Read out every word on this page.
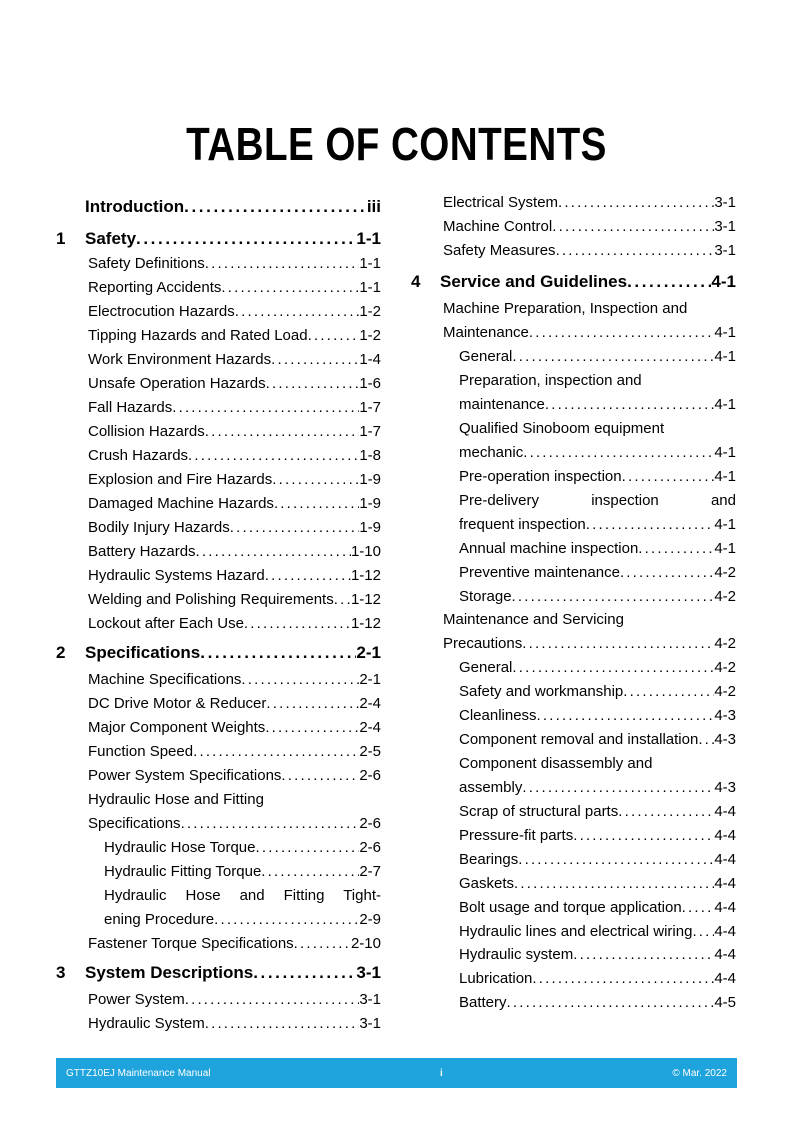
TABLE OF CONTENTS
Introduction .....	iii
1	Safety .....	1-1
Safety Definitions .....	1-1
Reporting Accidents .....	1-1
Electrocution Hazards .....	1-2
Tipping Hazards and Rated Load .....	1-2
Work Environment Hazards .....	1-4
Unsafe Operation Hazards .....	1-6
Fall Hazards .....	1-7
Collision Hazards .....	1-7
Crush Hazards .....	1-8
Explosion and Fire Hazards .....	1-9
Damaged Machine Hazards .....	1-9
Bodily Injury Hazards .....	1-9
Battery Hazards .....	1-10
Hydraulic Systems Hazard .....	1-12
Welding and Polishing Requirements ..... 1-12
Lockout after Each Use .....	1-12
2	Specifications .....	2-1
Machine Specifications .....	2-1
DC Drive Motor & Reducer .....	2-4
Major Component Weights .....	2-4
Function Speed .....	2-5
Power System Specifications .....	2-6
Hydraulic Hose and Fitting
Specifications .....	2-6
Hydraulic Hose Torque .....	2-6
Hydraulic Fitting Torque .....	2-7
Hydraulic Hose and Fitting Tight-
ening Procedure .....	2-9
Fastener Torque Specifications .....	2-10
3	System Descriptions .....	3-1
Power System .....	3-1
Hydraulic System .....	3-1
Electrical System .....	3-1
Machine Control .....	3-1
Safety Measures .....	3-1
4	Service and Guidelines .....	4-1
Machine Preparation, Inspection and
Maintenance .....	4-1
General .....	4-1
Preparation, inspection and
maintenance .....	4-1
Qualified Sinoboom equipment
mechanic .....	4-1
Pre-operation inspection .....	4-1
Pre-delivery inspection and
frequent inspection .....	4-1
Annual machine inspection .....	4-1
Preventive maintenance .....	4-2
Storage .....	4-2
Maintenance and Servicing
Precautions .....	4-2
General .....	4-2
Safety and workmanship .....	4-2
Cleanliness .....	4-3
Component removal and installation ..... 4-3
Component disassembly and
assembly .....	4-3
Scrap of structural parts .....	4-4
Pressure-fit parts .....	4-4
Bearings .....	4-4
Gaskets .....	4-4
Bolt usage and torque application ..... 4-4
Hydraulic lines and electrical wiring ..... 4-4
Hydraulic system .....	4-4
Lubrication .....	4-4
Battery .....	4-5
GTTZ10EJ Maintenance Manual	i	© Mar. 2022
